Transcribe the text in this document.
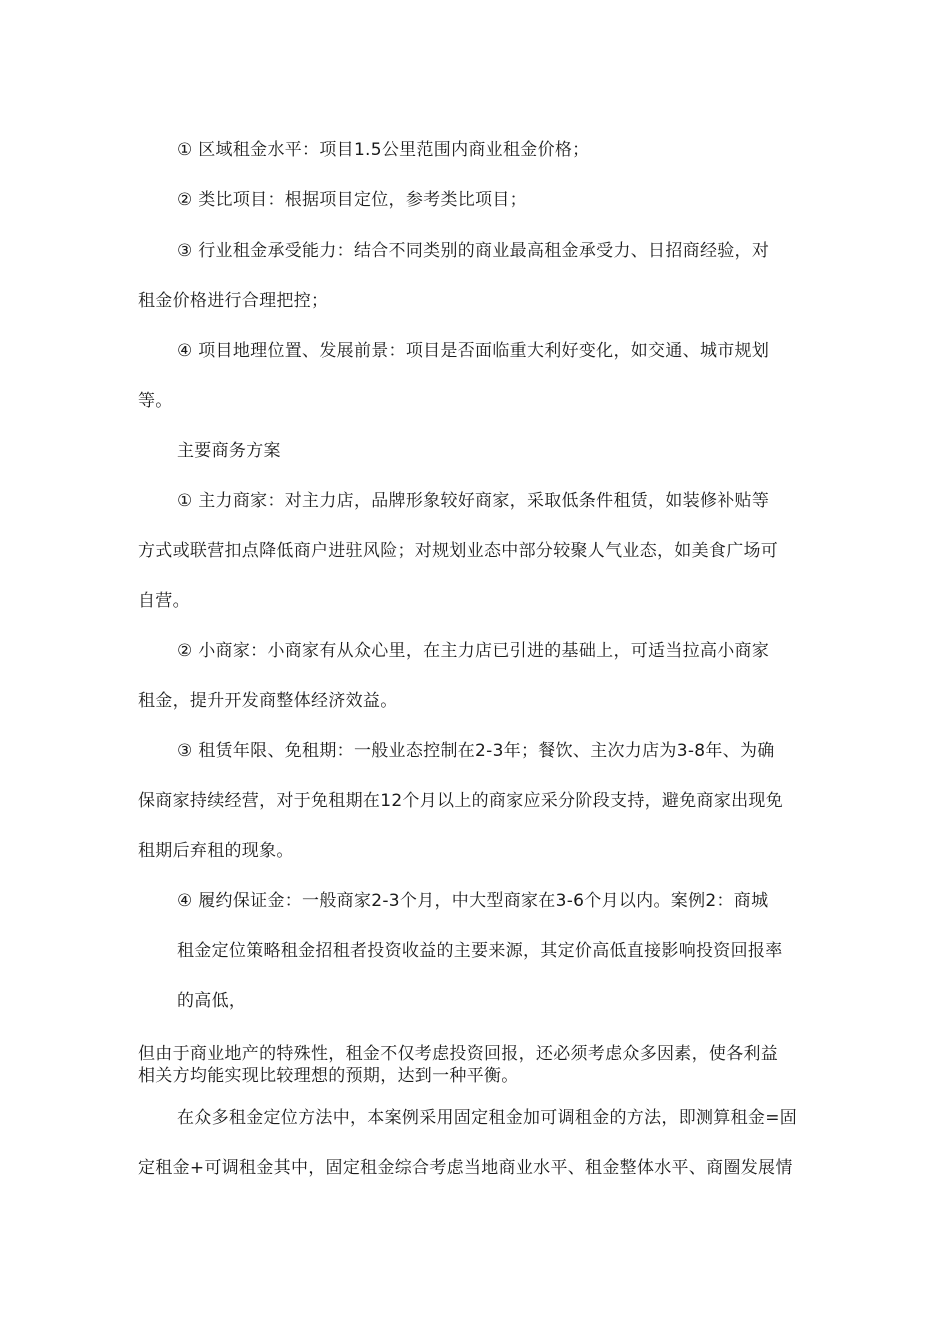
① 区域租金水平：项目1.5公里范围内商业租金价格；
② 类比项目：根据项目定位，参考类比项目；
③ 行业租金承受能力：结合不同类别的商业最高租金承受力、日招商经验，对
租金价格进行合理把控；
④ 项目地理位置、发展前景：项目是否面临重大利好变化，如交通、城市规划
等。
主要商务方案
① 主力商家：对主力店，品牌形象较好商家，采取低条件租赁，如装修补贴等
方式或联营扣点降低商户进驻风险；对规划业态中部分较聚人气业态，如美食广场可
自营。
② 小商家：小商家有从众心里，在主力店已引进的基础上，可适当拉高小商家
租金，提升开发商整体经济效益。
③ 租赁年限、免租期：一般业态控制在2-3年；餐饮、主次力店为3-8年、为确
保商家持续经营，对于免租期在12个月以上的商家应采分阶段支持，避免商家出现免
租期后弃租的现象。
④ 履约保证金：一般商家2-3个月，中大型商家在3-6个月以内。案例2：商城
租金定位策略租金招租者投资收益的主要来源，其定价高低直接影响投资回报率
的高低，
但由于商业地产的特殊性，租金不仅考虑投资回报，还必须考虑众多因素，使各利益
相关方均能实现比较理想的预期，达到一种平衡。
在众多租金定位方法中，本案例采用固定租金加可调租金的方法，即测算租金=固
定租金+可调租金其中，固定租金综合考虑当地商业水平、租金整体水平、商圈发展情
